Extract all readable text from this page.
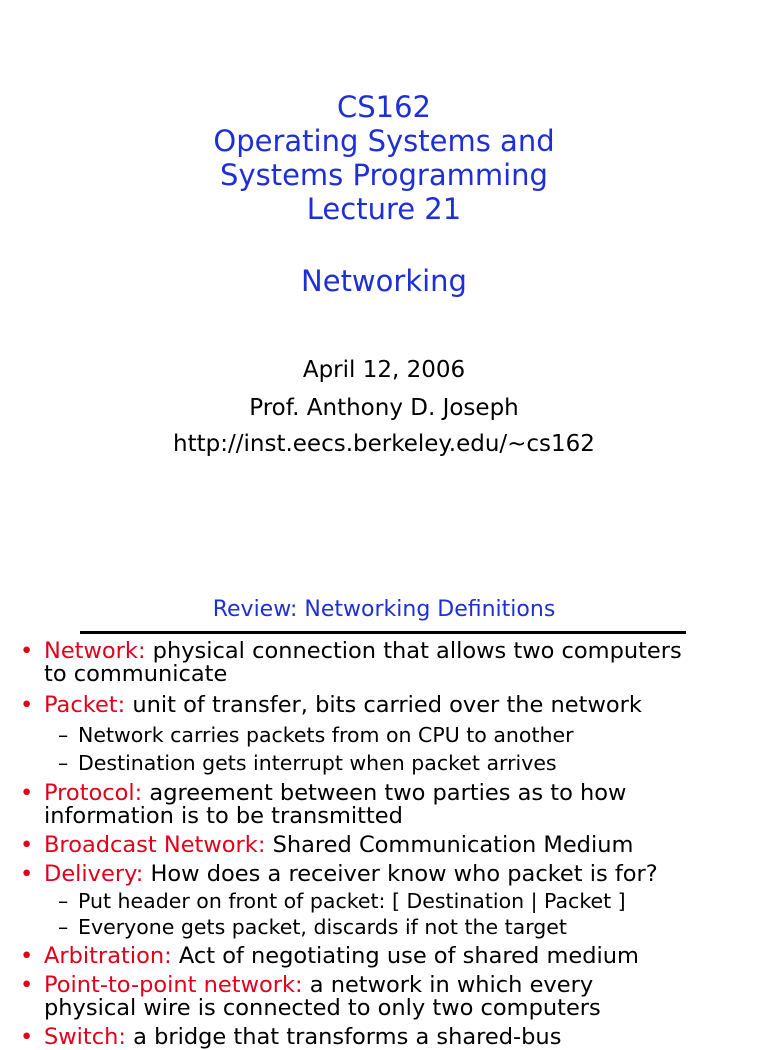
CS162
Operating Systems and
Systems Programming
Lecture 21
Networking
April 12, 2006
Prof. Anthony D. Joseph
http://inst.eecs.berkeley.edu/~cs162
Review: Networking Definitions
• Network: physical connection that allows two computers
to communicate
• Packet: unit of transfer, bits carried over the network
– Network carries packets from on CPU to another
– Destination gets interrupt when packet arrives
• Protocol: agreement between two parties as to how
information is to be transmitted
• Broadcast Network: Shared Communication Medium
• Delivery: How does a receiver know who packet is for?
– Put header on front of packet: [ Destination | Packet ]
– Everyone gets packet, discards if not the target
• Arbitration: Act of negotiating use of shared medium
• Point-to-point network: a network in which every
physical wire is connected to only two computers
• Switch: a bridge that transforms a shared-bus
